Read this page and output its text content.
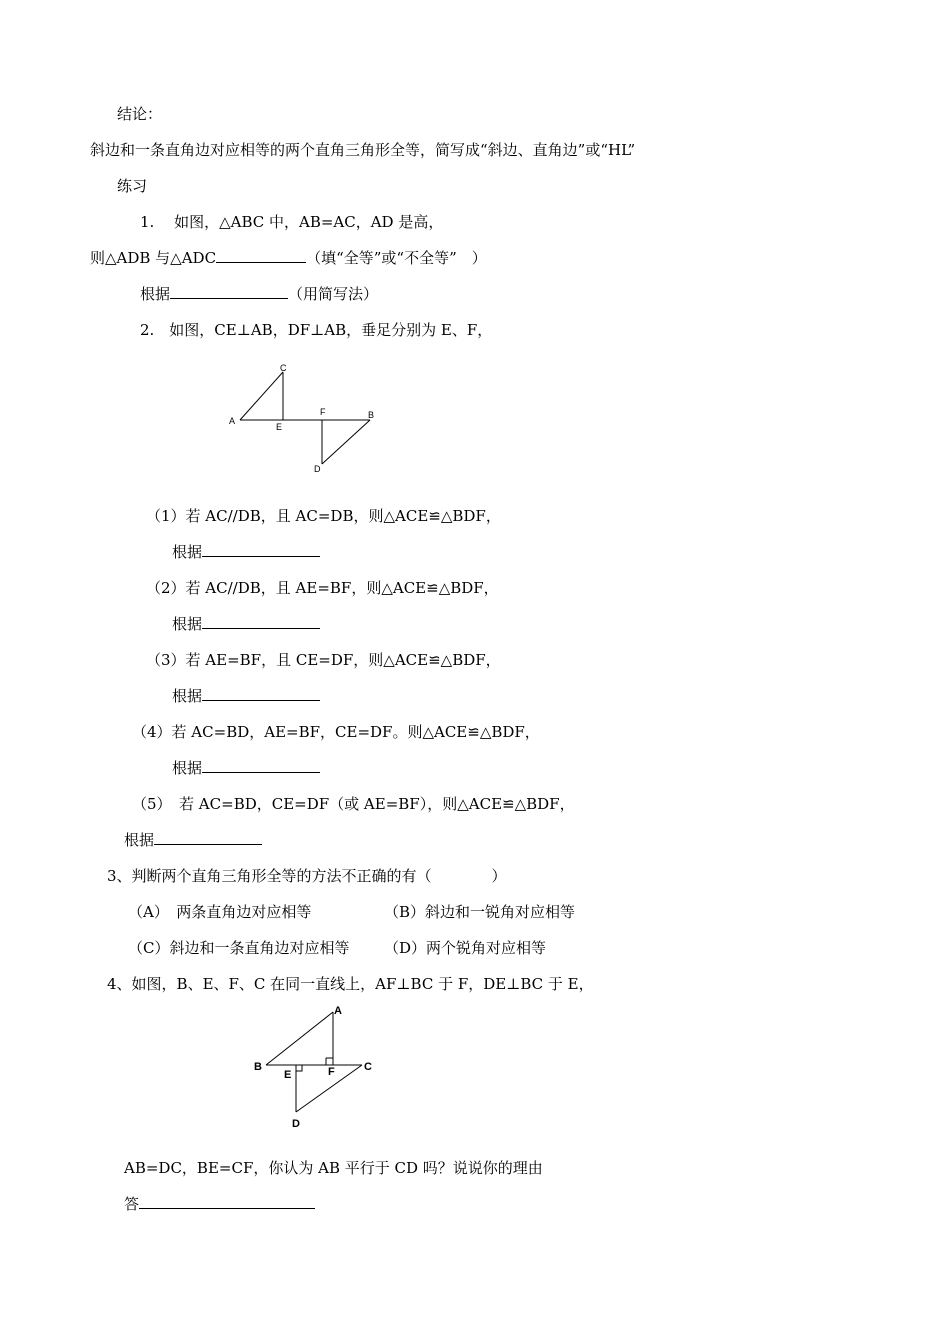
结论：
斜边和一条直角边对应相等的两个直角三角形全等，简写成“斜边、直角边”或“HL”
练习
1.　 如图，△ABC 中，AB=AC，AD 是高，
则△ADB 与△ADC	（填“全等”或“不全等”　）
根据	（用简写法）
2.　如图，CE⊥AB，DF⊥AB，垂足分别为 E、F，
C
A
E
F	B
D
（1）若 AC//DB，且 AC=DB，则△ACE≌△BDF，
根据
（2）若 AC//DB，且 AE=BF，则△ACE≌△BDF，
根据
（3）若 AE=BF，且 CE=DF，则△ACE≌△BDF，
根据
（4）若 AC=BD，AE=BF，CE=DF。则△ACE≌△BDF，
根据
（5）　若 AC=BD，CE=DF（或 AE=BF），则△ACE≌△BDF，
根据
3、判断两个直角三角形全等的方法不正确的有（　　　　）
（A）　两条直角边对应相等	（B）斜边和一锐角对应相等
（C）斜边和一条直角边对应相等 （D）两个锐角对应相等
4、如图，B、E、F、C 在同一直线上，AF⊥BC 于 F，DE⊥BC 于 E，
A
B
E	F	C
D
AB=DC，BE=CF，你认为 AB 平行于 CD 吗？说说你的理由
答
